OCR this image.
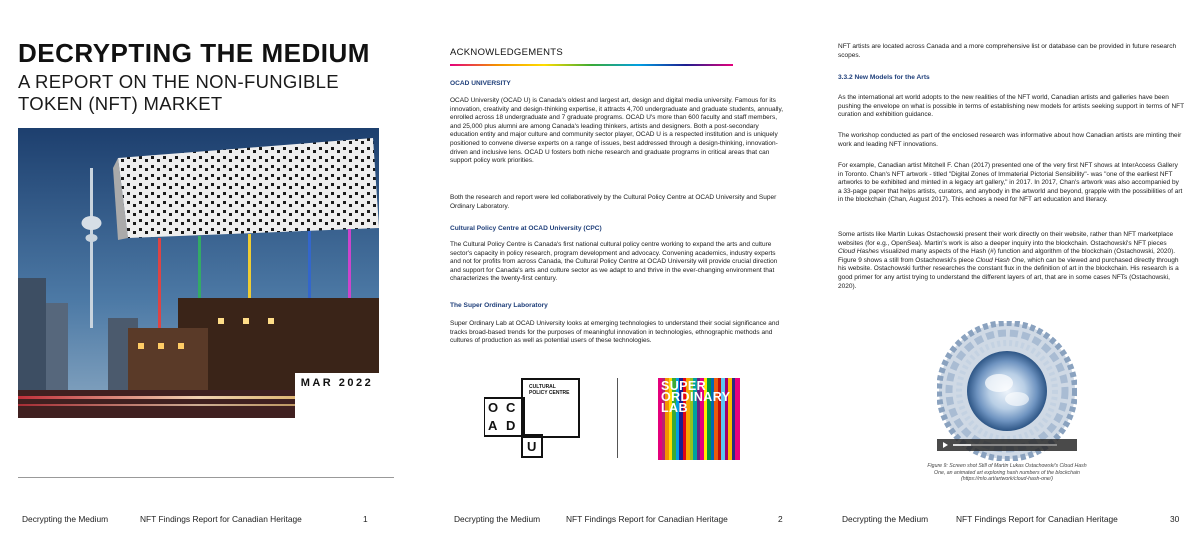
DECRYPTING THE MEDIUM
A REPORT ON THE NON-FUNGIBLE TOKEN (NFT) MARKET
MAR 2022
Decrypting the Medium	NFT Findings Report for Canadian Heritage	1
ACKNOWLEDGEMENTS
OCAD UNIVERSITY

OCAD University (OCAD U) is Canada's oldest and largest art, design and digital media university. Famous for its innovation, creativity and design-thinking expertise, it attracts 4,700 undergraduate and graduate students, annually, enrolled across 18 undergraduate and 7 graduate programs. OCAD U's more than 600 faculty and staff members, and 25,000 plus alumni are among Canada's leading thinkers, artists and designers. Both a post-secondary education entity and major culture and community sector player, OCAD U is a respected institution and is uniquely positioned to convene diverse experts on a range of issues, best addressed through a design-thinking, innovation-driven and inclusive lens. OCAD U fosters both niche research and graduate programs in critical areas that can support policy work priorities.

Both the research and report were led collaboratively by the Cultural Policy Centre at OCAD University and Super Ordinary Laboratory.

Cultural Policy Centre at OCAD University (CPC)

The Cultural Policy Centre is Canada's first national cultural policy centre working to expand the arts and culture sector's capacity in policy research, program development and advocacy. Convening academics, industry experts and not for profits from across Canada, the Cultural Policy Centre at OCAD University will provide crucial direction and support for Canada's arts and culture sector as we adapt to and thrive in the ever-changing environment that characterizes the twenty-first century.

The Super Ordinary Laboratory

Super Ordinary Lab at OCAD University looks at emerging technologies to understand their social significance and tracks broad-based trends for the purposes of meaningful innovation in technologies, ethnographic methods and cultures of production as well as potential users of these technologies.

CULTURAL
POLICY CENTRE
O C
A D
U
SUPER ORDINARY LAB
Decrypting the Medium	NFT Findings Report for Canadian Heritage	2

NFT artists are located across Canada and a more comprehensive list or database can be provided in future research scopes.

3.3.2 New Models for the Arts

As the international art world adopts to the new realities of the NFT world, Canadian artists and galleries have been pushing the envelope on what is possible in terms of establishing new models for artists seeking support in terms of NFT curation and exhibition guidance.

The workshop conducted as part of the enclosed research was informative about how Canadian artists are minting their work and leading NFT innovations.

For example, Canadian artist Mitchell F. Chan (2017) presented one of the very first NFT shows at InterAccess Gallery in Toronto. Chan's NFT artwork - titled "Digital Zones of Immaterial Pictorial Sensibility"- was "one of the earliest NFT artworks to be exhibited and minted in a legacy art gallery," in 2017. In 2017, Chan's artwork was also accompanied by a 33-page paper that helps artists, curators, and anybody in the artworld and beyond, grapple with the possibilities of art in the blockchain (Chan, August 2017). This echoes a need for NFT art education and literacy.

Some artists like Martin Lukas Ostachowski present their work directly on their website, rather than NFT marketplace websites (for e.g., OpenSea). Martin's work is also a deeper inquiry into the blockchain. Ostachowski's NFT pieces Cloud Hashes visualized many aspects of the Hash (#) function and algorithm of the blockchain (Ostachowski, 2020). Figure 9 shows a still from Ostachowski's piece Cloud Hash One, which can be viewed and purchased directly through his website. Ostachowski further researches the constant flux in the definition of art in the blockchain. His research is a good primer for any artist trying to understand the different layers of art, that are in some cases NFTs (Ostachowski, 2020).

Figure 9: Screen shot Still of Martin Lukas Ostachowski's Cloud Hash One, an animated art exploring hash numbers of the blockchain (https://mlo.art/artwork/cloud-hash-one/)
Decrypting the Medium	NFT Findings Report for Canadian Heritage	30
